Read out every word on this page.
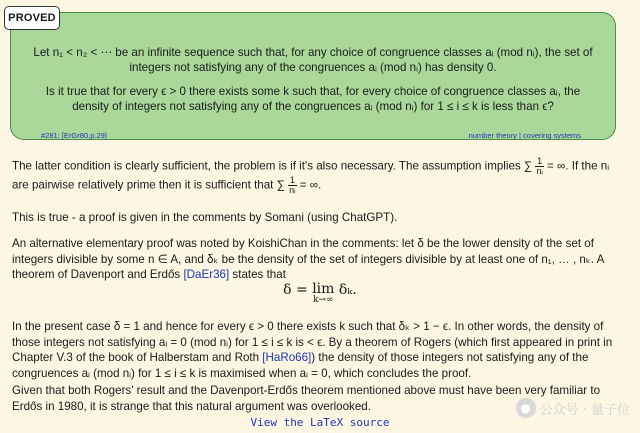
Let n₁ < n₂ < ⋯ be an infinite sequence such that, for any choice of congruence classes aᵢ (mod nᵢ), the set of integers not satisfying any of the congruences aᵢ (mod nᵢ) has density 0.
Is it true that for every ϵ > 0 there exists some k such that, for every choice of congruence classes aᵢ, the density of integers not satisfying any of the congruences aᵢ (mod nᵢ) for 1 ≤ i ≤ k is less than ϵ?
#281: [ErGr80,p.29]	number theory | covering systems
PROVED
The latter condition is clearly sufficient, the problem is if it's also necessary. The assumption implies ∑ $\frac{1}{\text{nᵢ}}$ = ∞. If the nᵢ are pairwise relatively prime then it is sufficient that ∑ $\frac{1}{\text{nᵢ}}$ = ∞.
This is true - a proof is given in the comments by Somani (using ChatGPT).
An alternative elementary proof was noted by KoishiChan in the comments: let δ be the lower density of the set of integers divisible by some n ∈ A, and δₖ be the density of the set of integers divisible by at least one of n₁, … , nₖ. A theorem of Davenport and Erdős [DaEr36] states that
δ = lim
k→∞
δₖ.
In the present case δ = 1 and hence for every ϵ > 0 there exists k such that δₖ > 1 − ϵ. In other words, the density of those integers not satisfying aᵢ = 0 (mod nᵢ) for 1 ≤ i ≤ k is < ϵ. By a theorem of Rogers (which first appeared in print in Chapter V.3 of the book of Halberstam and Roth [HaRo66]) the density of those integers not satisfying any of the congruences aᵢ (mod nᵢ) for 1 ≤ i ≤ k is maximised when aᵢ = 0, which concludes the proof.
Given that both Rogers' result and the Davenport-Erdős theorem mentioned above must have been very familiar to Erdős in 1980, it is strange that this natural argument was overlooked.
View the LaTeX source
● 公众号 · 量子位
